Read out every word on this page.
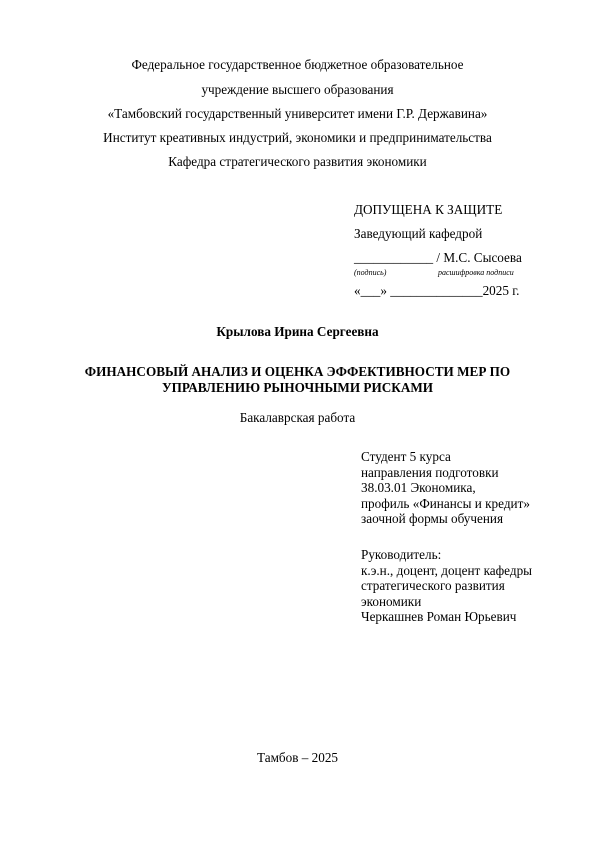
Федеральное государственное бюджетное образовательное
учреждение высшего образования
«Тамбовский государственный университет имени Г.Р. Державина»
Институт креативных индустрий, экономики и предпринимательства
Кафедра стратегического развития экономики
ДОПУЩЕНА К ЗАЩИТЕ
Заведующий кафедрой
____________ / М.С. Сысоева
(подпись)	расшифровка подписи
«___» ______________2025 г.
Крылова Ирина Сергеевна
ФИНАНСОВЫЙ АНАЛИЗ И ОЦЕНКА ЭФФЕКТИВНОСТИ МЕР ПО
УПРАВЛЕНИЮ РЫНОЧНЫМИ РИСКАМИ
Бакалаврская работа
Студент 5 курса
направления подготовки
38.03.01 Экономика,
профиль «Финансы и кредит»
заочной формы обучения
Руководитель:
к.э.н., доцент, доцент кафедры
стратегического развития
экономики
Черкашнев Роман Юрьевич
Тамбов – 2025
